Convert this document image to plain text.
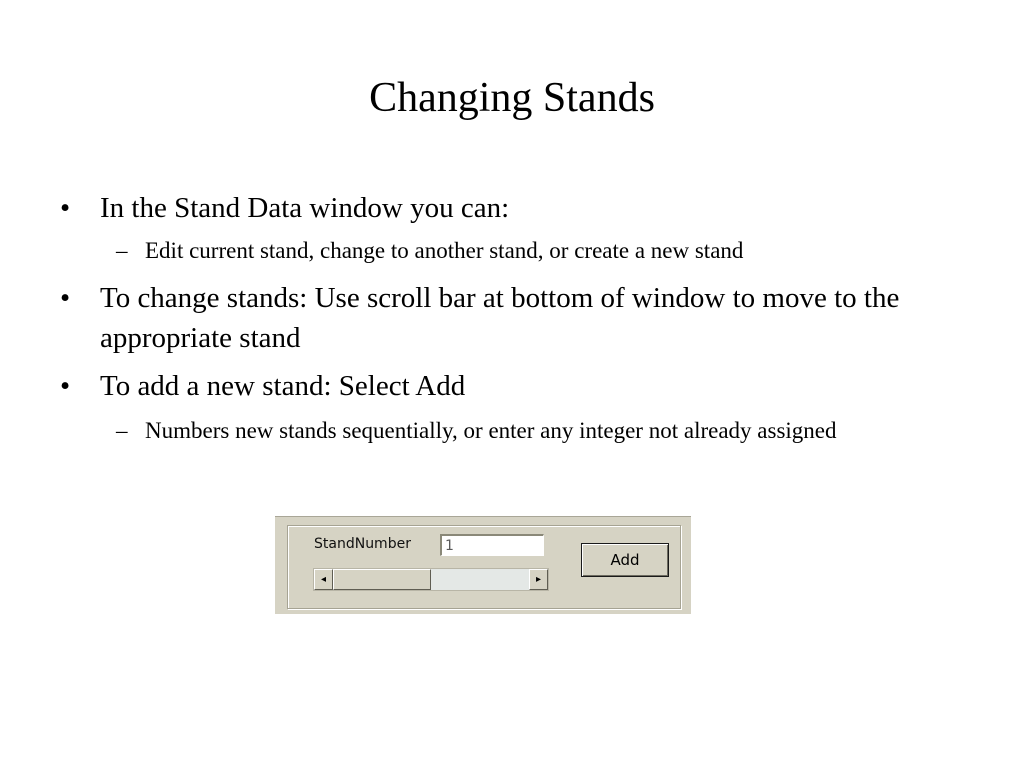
Changing Stands
• In the Stand Data window you can:
– Edit current stand, change to another stand, or create a new stand
• To change stands: Use scroll bar at bottom of window to move to the appropriate stand
• To add a new stand: Select Add
– Numbers new stands sequentially, or enter any integer not already assigned
StandNumber
1
◂	▸
Add
